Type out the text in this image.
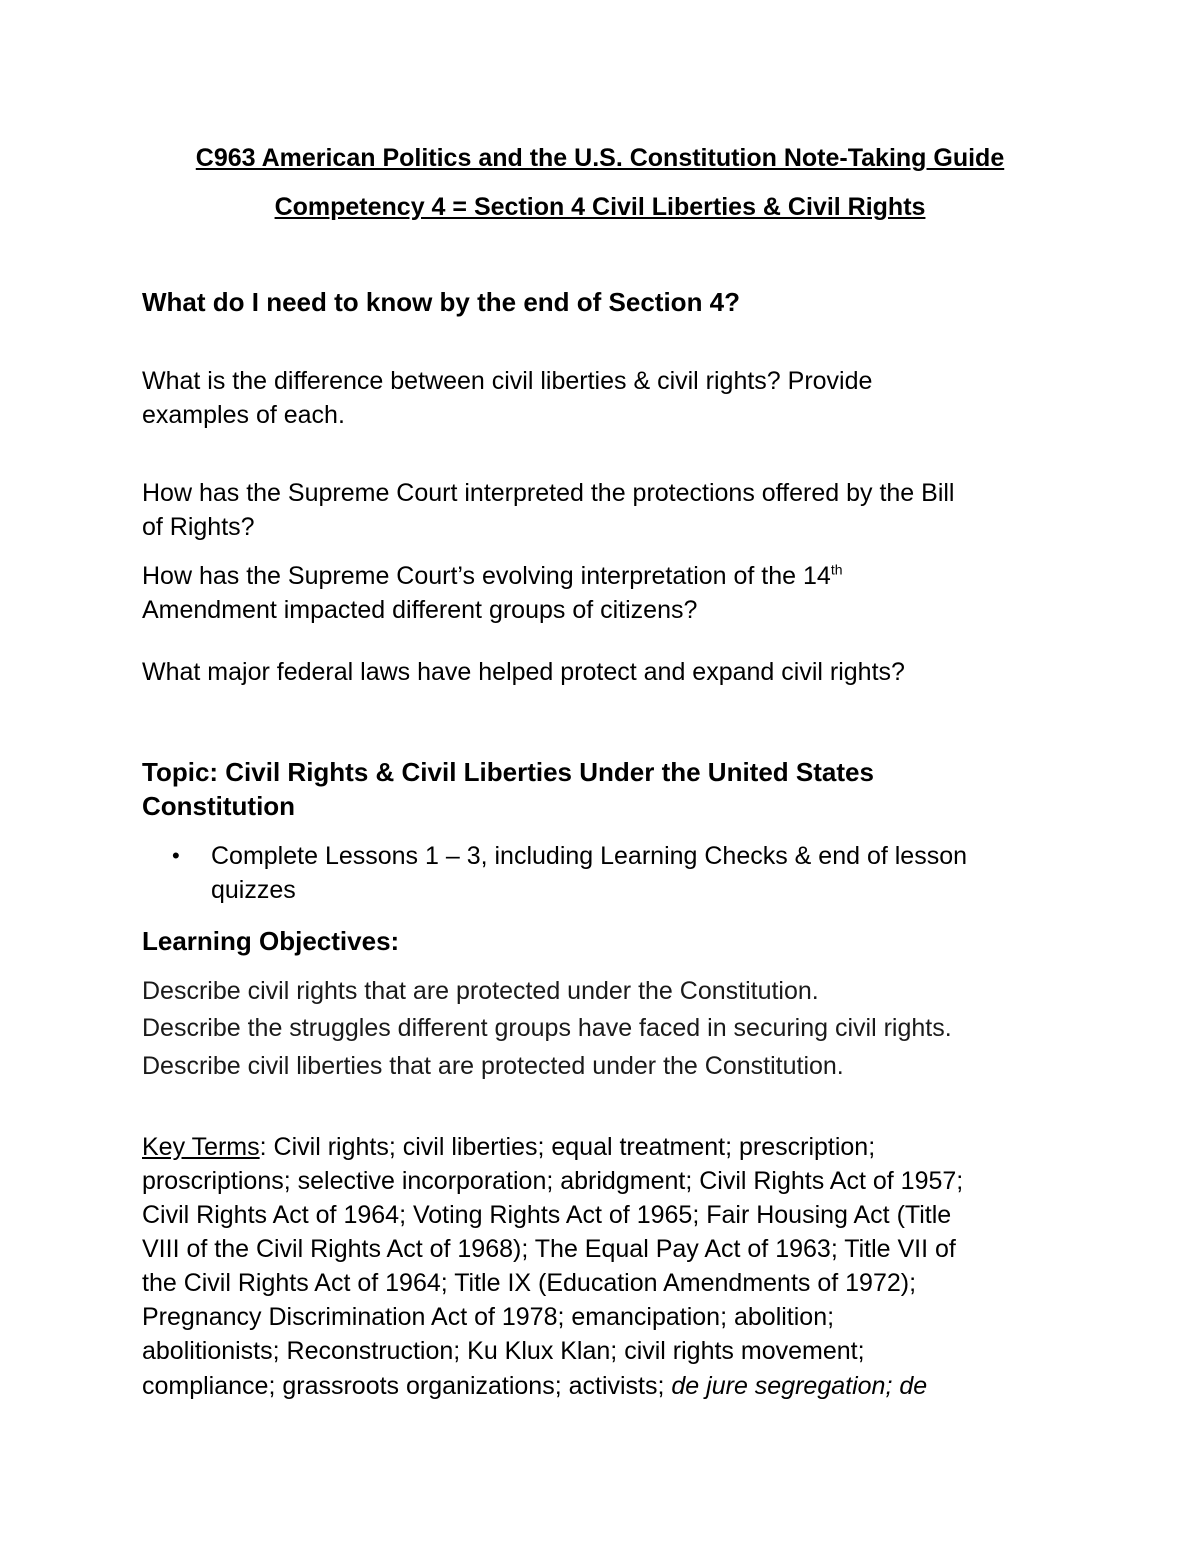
C963 American Politics and the U.S. Constitution Note-Taking Guide
Competency 4 = Section 4 Civil Liberties & Civil Rights
What do I need to know by the end of Section 4?
What is the difference between civil liberties & civil rights? Provide
examples of each.
How has the Supreme Court interpreted the protections offered by the Bill
of Rights?
How has the Supreme Court’s evolving interpretation of the 14th
Amendment impacted different groups of citizens?
What major federal laws have helped protect and expand civil rights?
Topic: Civil Rights & Civil Liberties Under the United States
Constitution
• Complete Lessons 1 – 3, including Learning Checks & end of lesson
quizzes
Learning Objectives:
Describe civil rights that are protected under the Constitution.
Describe the struggles different groups have faced in securing civil rights.
Describe civil liberties that are protected under the Constitution.
Key Terms: Civil rights; civil liberties; equal treatment; prescription;
proscriptions; selective incorporation; abridgment; Civil Rights Act of 1957;
Civil Rights Act of 1964; Voting Rights Act of 1965; Fair Housing Act (Title
VIII of the Civil Rights Act of 1968); The Equal Pay Act of 1963; Title VII of
the Civil Rights Act of 1964; Title IX (Education Amendments of 1972);
Pregnancy Discrimination Act of 1978; emancipation; abolition;
abolitionists; Reconstruction; Ku Klux Klan; civil rights movement;
compliance; grassroots organizations; activists; de jure segregation; de
